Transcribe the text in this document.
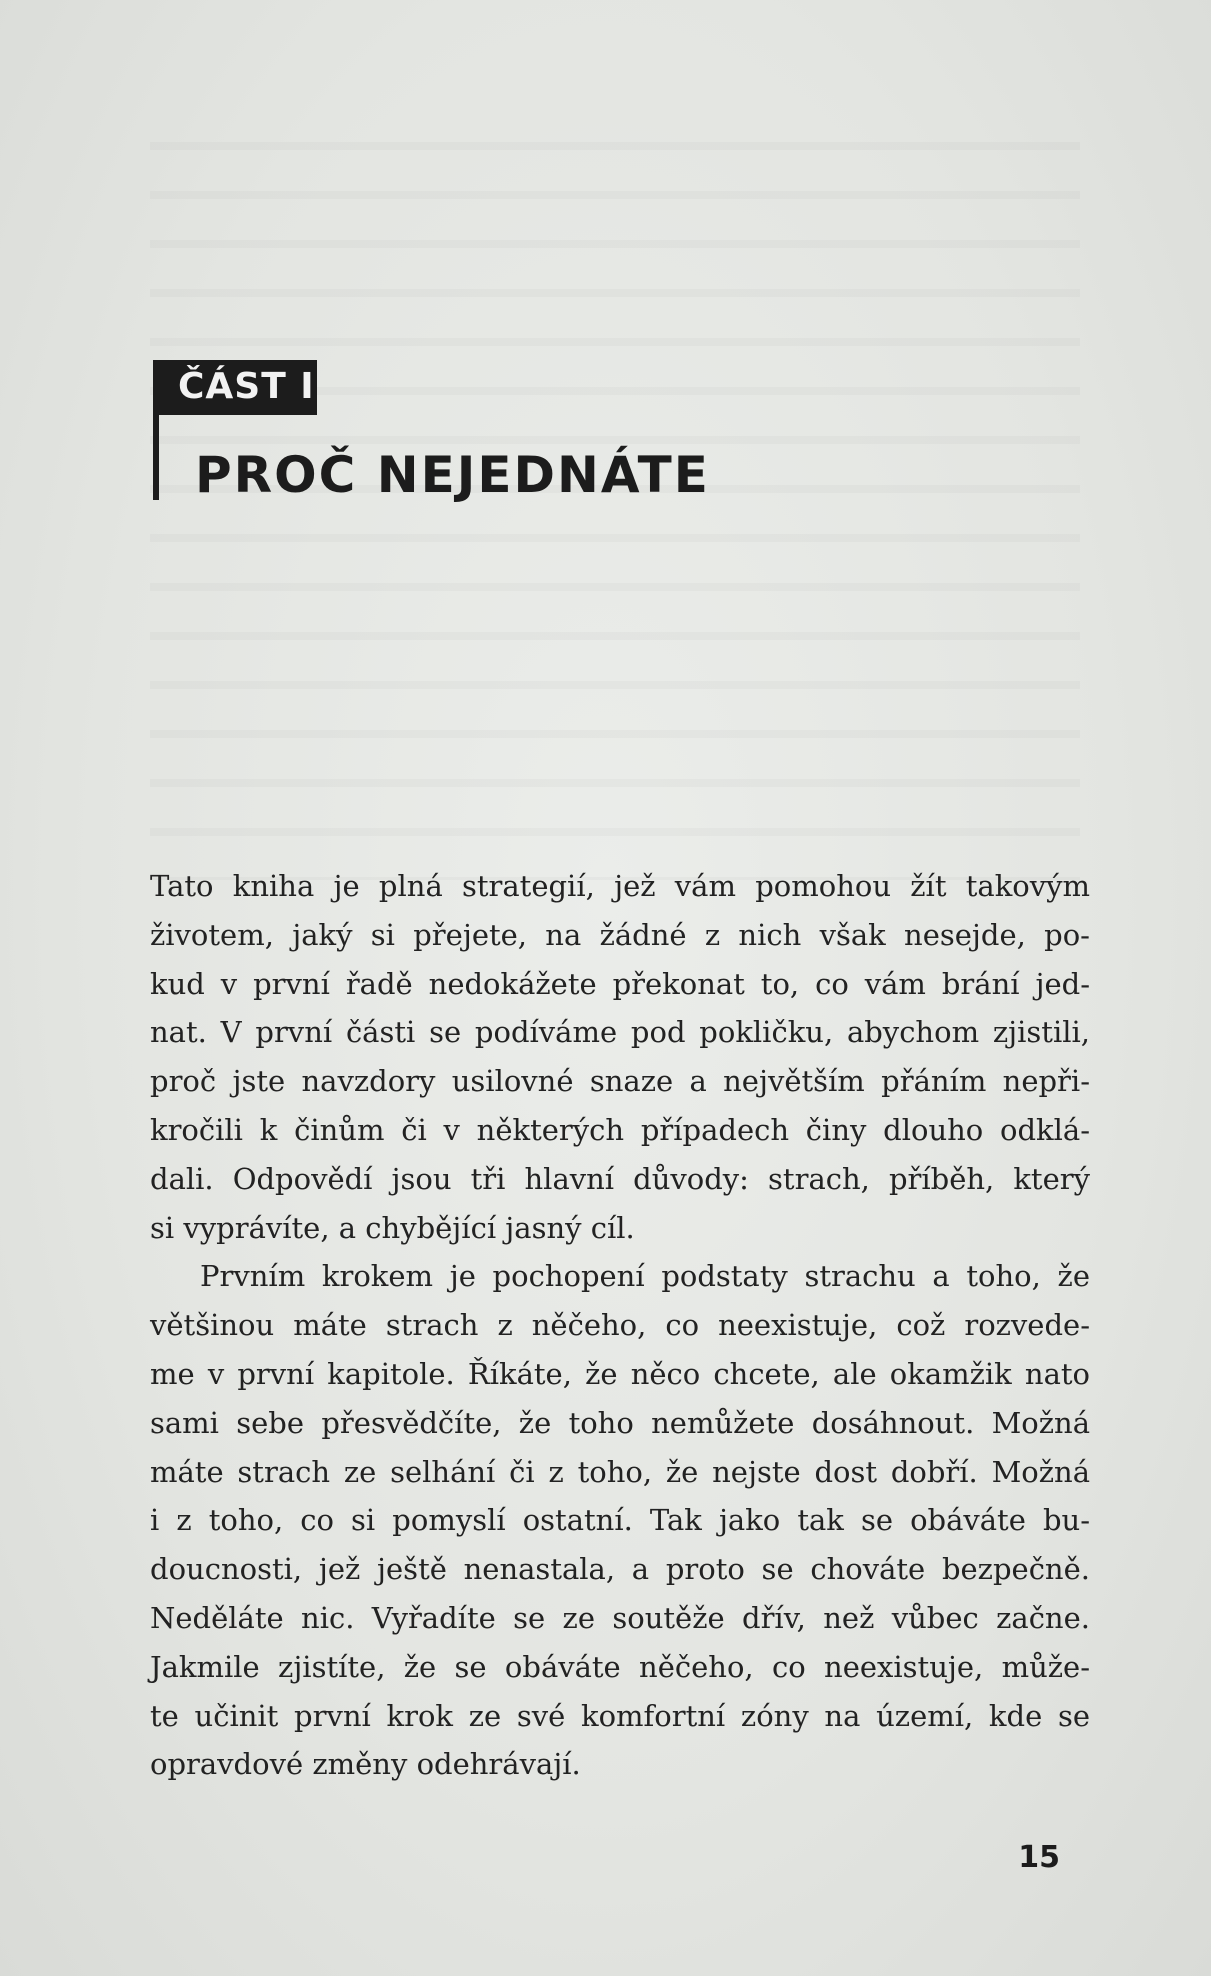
ČÁST I
PROČ NEJEDNÁTE

Tato kniha je plná strategií, jež vám pomohou žít takovým
životem, jaký si přejete, na žádné z nich však nesejde, po-
kud v první řadě nedokážete překonat to, co vám brání jed-
nat. V první části se podíváme pod pokličku, abychom zjistili,
proč jste navzdory usilovné snaze a největším přáním nepři-
kročili k činům či v některých případech činy dlouho odklá-
dali. Odpovědí jsou tři hlavní důvody: strach, příběh, který
si vyprávíte, a chybějící jasný cíl.

Prvním krokem je pochopení podstaty strachu a toho, že
většinou máte strach z něčeho, co neexistuje, což rozvede-
me v první kapitole. Říkáte, že něco chcete, ale okamžik nato
sami sebe přesvědčíte, že toho nemůžete dosáhnout. Možná
máte strach ze selhání či z toho, že nejste dost dobří. Možná
i z toho, co si pomyslí ostatní. Tak jako tak se obáváte bu-
doucnosti, jež ještě nenastala, a proto se chováte bezpečně.
Neděláte nic. Vyřadíte se ze soutěže dřív, než vůbec začne.
Jakmile zjistíte, že se obáváte něčeho, co neexistuje, může-
te učinit první krok ze své komfortní zóny na území, kde se
opravdové změny odehrávají.

15
